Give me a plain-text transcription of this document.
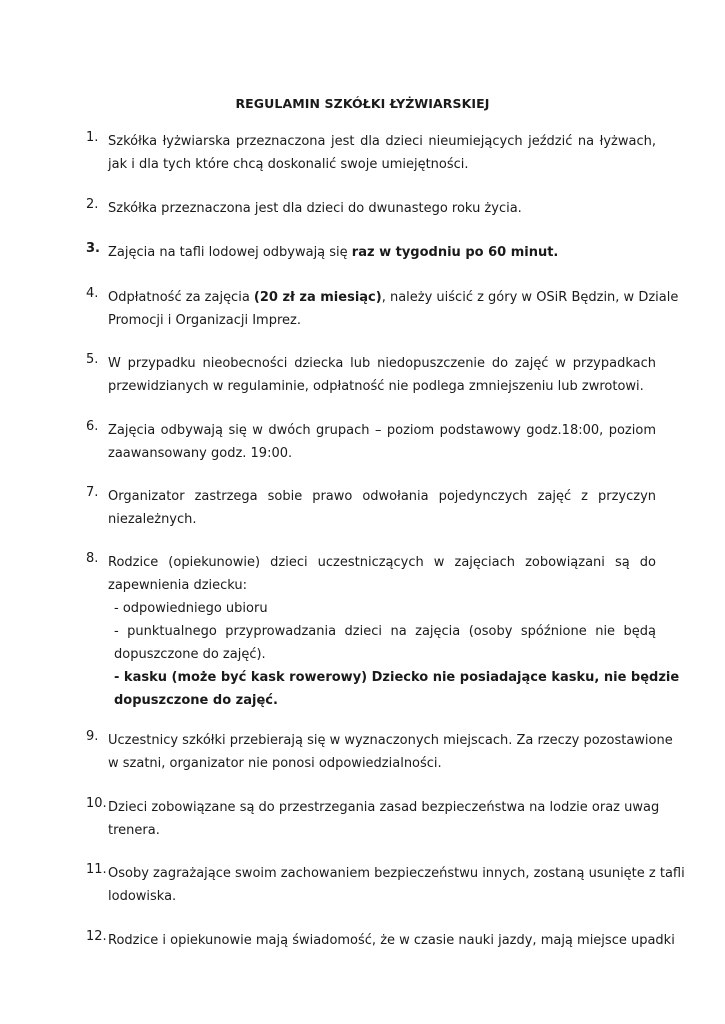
REGULAMIN SZKÓŁKI ŁYŻWIARSKIEJ
1. Szkółka łyżwiarska przeznaczona jest dla dzieci nieumiejących jeździć na łyżwach,
jak i dla tych które chcą doskonalić swoje umiejętności.
2. Szkółka przeznaczona jest dla dzieci do dwunastego roku życia.
3. Zajęcia na tafli lodowej odbywają się raz w tygodniu po 60 minut.
4. Odpłatność za zajęcia (20 zł za miesiąc), należy uiścić z góry w OSiR Będzin, w Dziale
Promocji i Organizacji Imprez.
5. W przypadku nieobecności dziecka lub niedopuszczenie do zajęć w przypadkach
przewidzianych w regulaminie, odpłatność nie podlega zmniejszeniu lub zwrotowi.
6. Zajęcia odbywają się w dwóch grupach – poziom podstawowy godz.18:00, poziom
zaawansowany godz. 19:00.
7. Organizator zastrzega sobie prawo odwołania pojedynczych zajęć z przyczyn
niezależnych.
8. Rodzice (opiekunowie) dzieci uczestniczących w zajęciach zobowiązani są do
zapewnienia dziecku:
- odpowiedniego ubioru
- punktualnego przyprowadzania dzieci na zajęcia (osoby spóźnione nie będą
dopuszczone do zajęć).
- kasku (może być kask rowerowy) Dziecko nie posiadające kasku, nie będzie
dopuszczone do zajęć.
9. Uczestnicy szkółki przebierają się w wyznaczonych miejscach. Za rzeczy pozostawione
w szatni, organizator nie ponosi odpowiedzialności.
10. Dzieci zobowiązane są do przestrzegania zasad bezpieczeństwa na lodzie oraz uwag
trenera.
11. Osoby zagrażające swoim zachowaniem bezpieczeństwu innych, zostaną usunięte z tafli
lodowiska.
12. Rodzice i opiekunowie mają świadomość, że w czasie nauki jazdy, mają miejsce upadki
